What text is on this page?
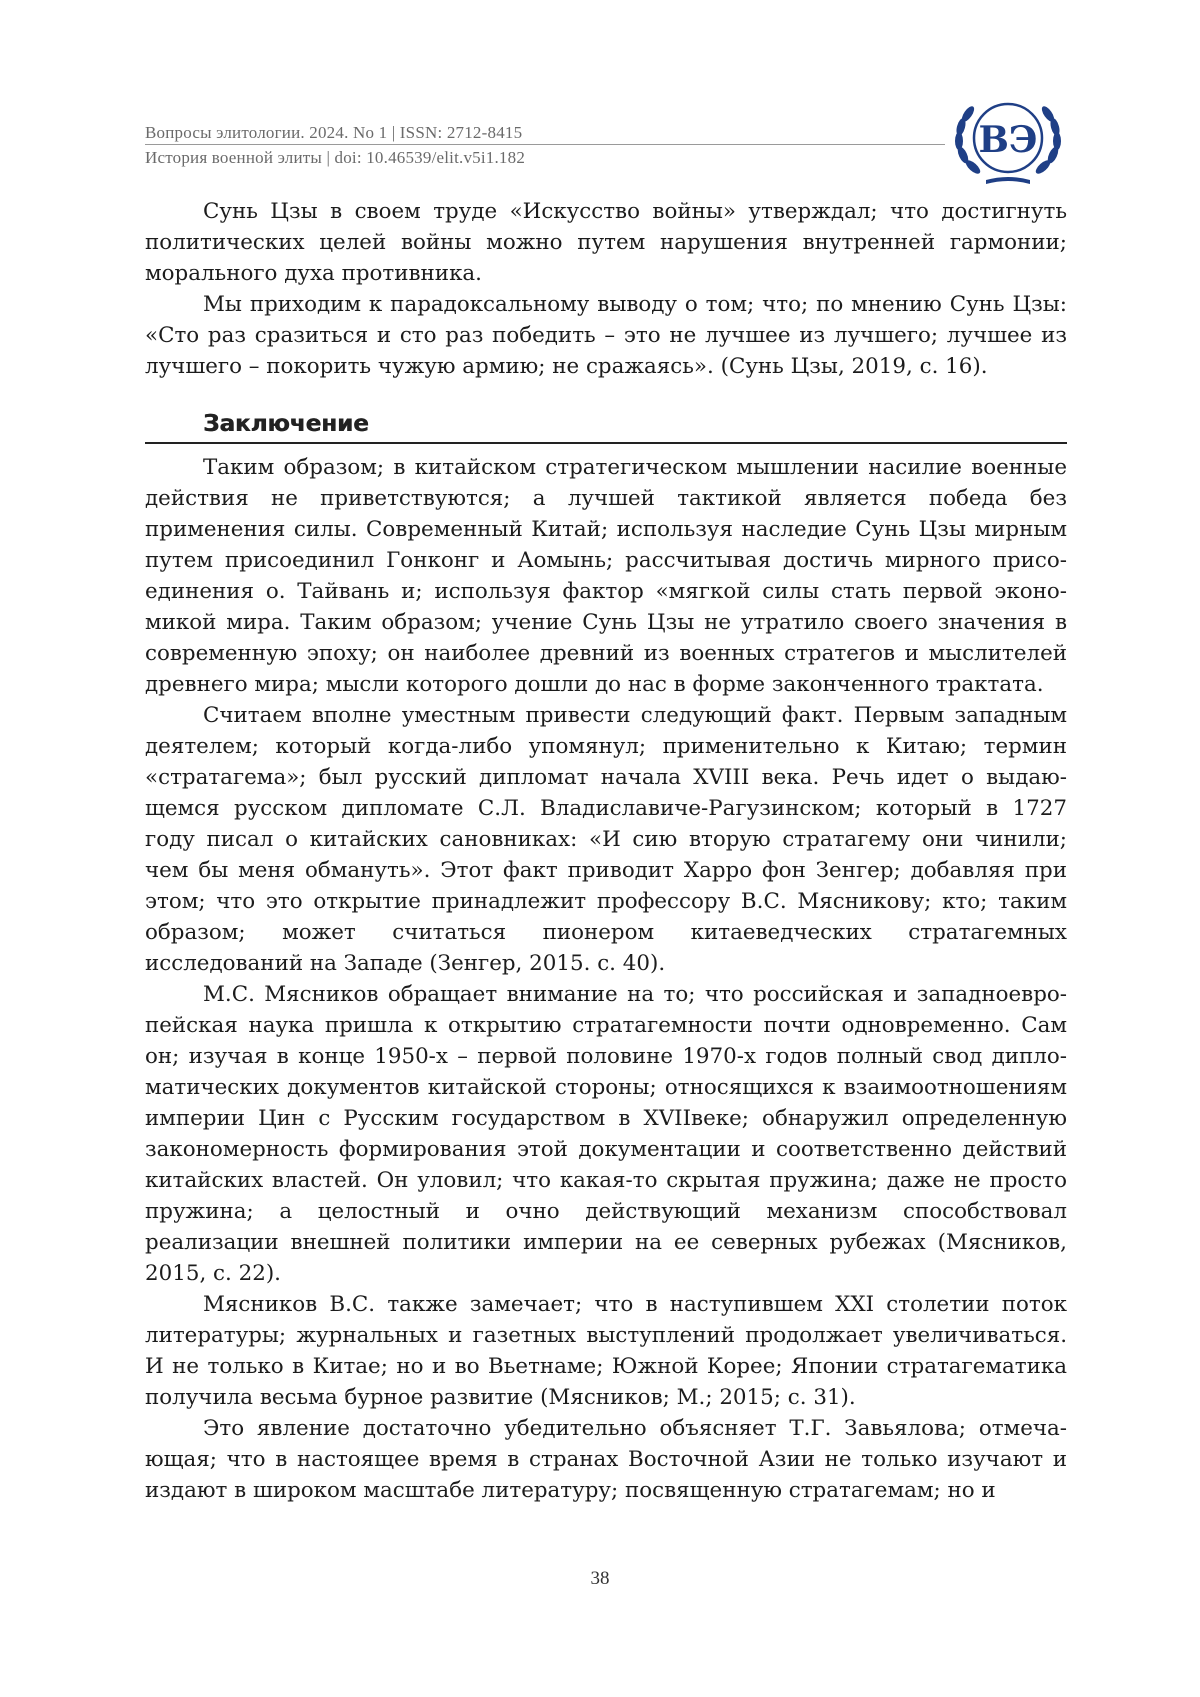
Вопросы элитологии. 2024. No 1 | ISSN: 2712-8415
История военной элиты | doi: 10.46539/elit.v5i1.182	ВЭ

Сунь Цзы в своем труде «Искусство войны» утверждал; что достигнуть политических целей войны можно путем нарушения внутренней гармонии; морального духа противника.

Мы приходим к парадоксальному выводу о том; что; по мнению Сунь Цзы: «Сто раз сразиться и сто раз победить – это не лучшее из лучшего; лучшее из лучшего – покорить чужую армию; не сражаясь». (Сунь Цзы, 2019, с. 16).

Заключение

Таким образом; в китайском стратегическом мышлении насилие военные действия не приветствуются; а лучшей тактикой является победа без применения силы. Современный Китай; используя наследие Сунь Цзы мирным путем присоединил Гонконг и Аомынь; рассчитывая достичь мирного присоединения о. Тайвань и; используя фактор «мягкой силы стать первой экономикой мира. Таким образом; учение Сунь Цзы не утратило своего значения в современную эпоху; он наиболее древний из военных стратегов и мыслителей древнего мира; мысли которого дошли до нас в форме законченного трактата.

Считаем вполне уместным привести следующий факт. Первым западным деятелем; который когда-либо упомянул; применительно к Китаю; термин «стратагема»; был русский дипломат начала XVIII века. Речь идет о выдающемся русском дипломате С.Л. Владиславиче-Рагузинском; который в 1727 году писал о китайских сановниках: «И сию вторую стратагему они чинили; чем бы меня обмануть». Этот факт приводит Харро фон Зенгер; добавляя при этом; что это открытие принадлежит профессору В.С. Мясникову; кто; таким образом; может считаться пионером китаеведческих стратагемных исследований на Западе (Зенгер, 2015. с. 40).

М.С. Мясников обращает внимание на то; что российская и западноевропейская наука пришла к открытию стратагемности почти одновременно. Сам он; изучая в конце 1950-х – первой половине 1970-х годов полный свод дипломатических документов китайской стороны; относящихся к взаимоотношениям империи Цин с Русским государством в XVIIвеке; обнаружил определенную закономерность формирования этой документации и соответственно действий китайских властей. Он уловил; что какая-то скрытая пружина; даже не просто пружина; а целостный и очно действующий механизм способствовал реализации внешней политики империи на ее северных рубежах (Мясников, 2015, с. 22).

Мясников В.С. также замечает; что в наступившем XXI столетии поток литературы; журнальных и газетных выступлений продолжает увеличиваться. И не только в Китае; но и во Вьетнаме; Южной Корее; Японии стратагематика получила весьма бурное развитие (Мясников; М.; 2015; с. 31).

Это явление достаточно убедительно объясняет Т.Г. Завьялова; отмечающая; что в настоящее время в странах Восточной Азии не только изучают и издают в широком масштабе литературу; посвященную стратагемам; но и

38
